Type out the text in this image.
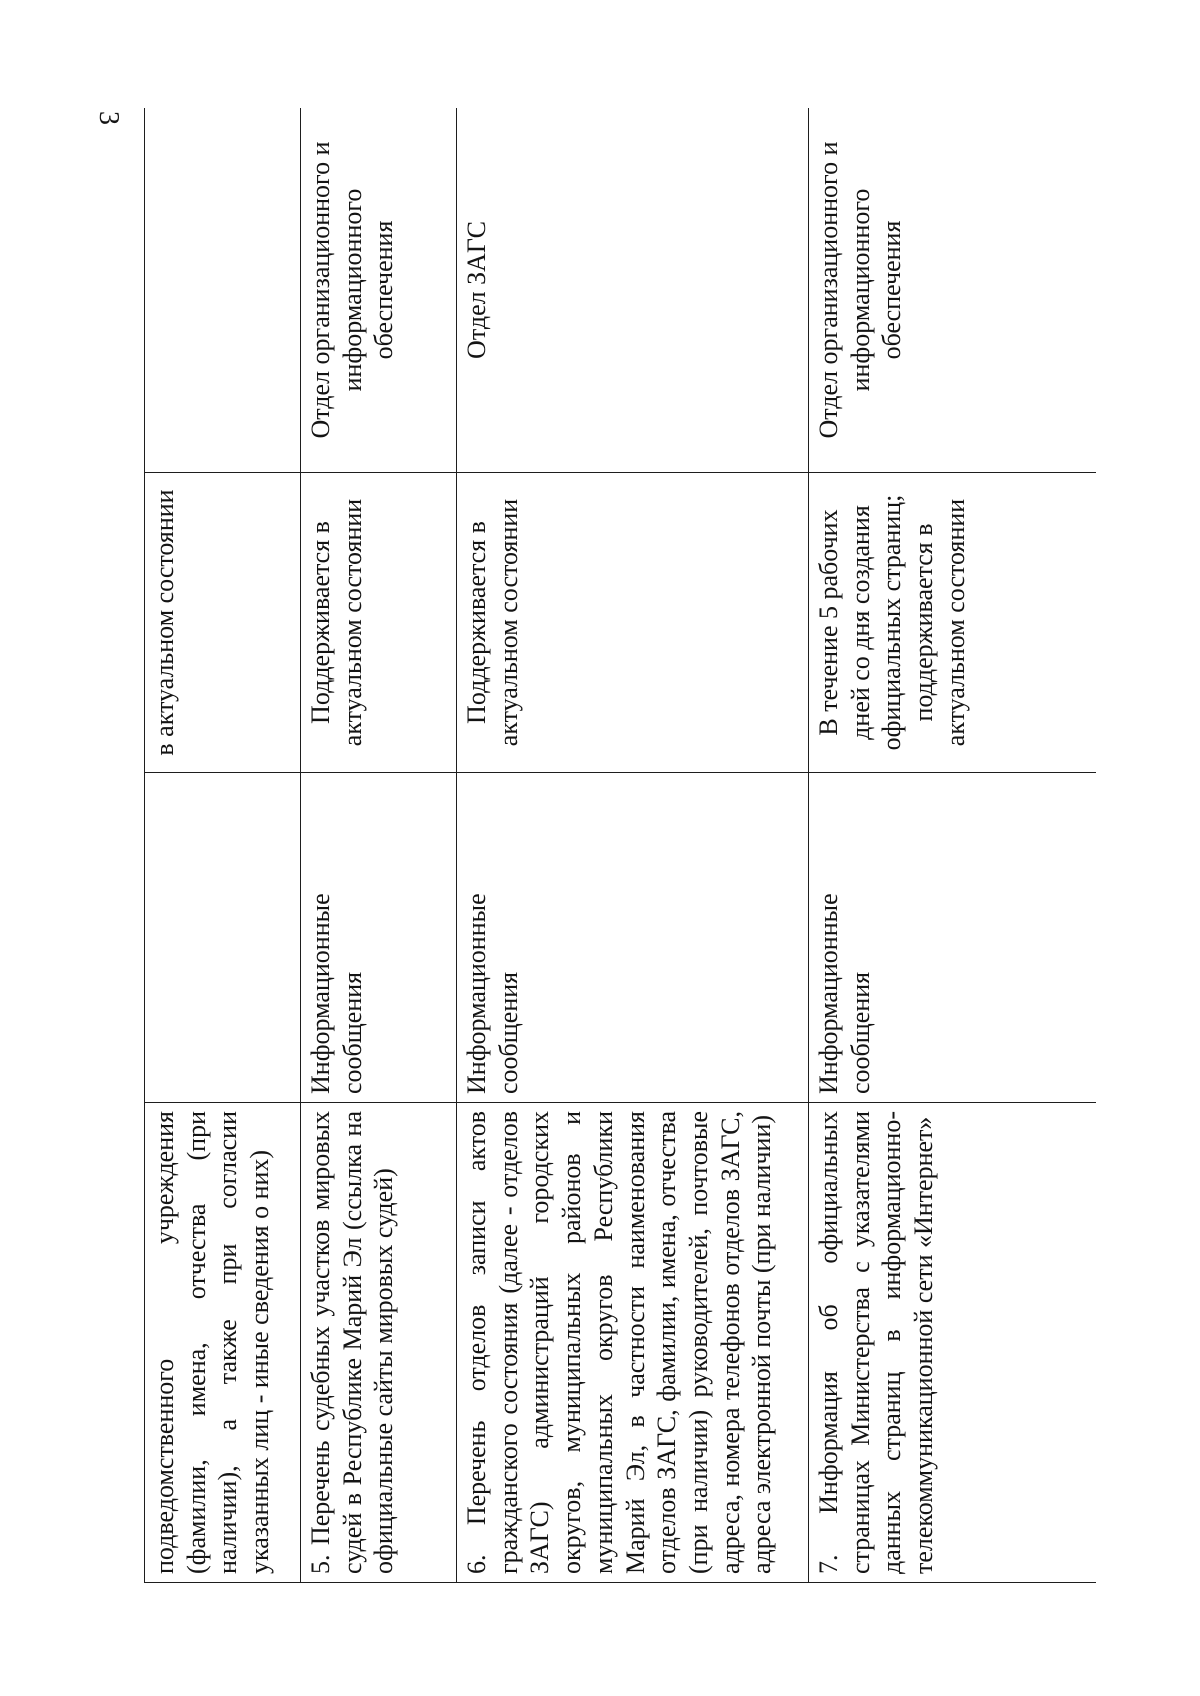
3
подведомственного учреждения (фамилии, имена, отчества (при наличии), а также при согласии указанных лиц - иные сведения о них)		в актуальном состоянии	
5. Перечень судебных участков мировых судей в Республике Марий Эл (ссылка на официальные сайты мировых судей)	Информационные сообщения	Поддерживается в актуальном состоянии	Отдел организационного и информационного обеспечения
6. Перечень отделов записи актов гражданского состояния (далее - отделов ЗАГС) администраций городских округов, муниципальных районов и муниципальных округов Республики Марий Эл, в частности наименования отделов ЗАГС, фамилии, имена, отчества (при наличии) руководителей, почтовые адреса, номера телефонов отделов ЗАГС, адреса электронной почты (при наличии)	Информационные сообщения	Поддерживается в актуальном состоянии	Отдел ЗАГС
7. Информация об официальных страницах Министерства с указателями данных страниц в информационно-телекоммуникационной сети «Интернет»	Информационные сообщения	В течение 5 рабочих дней со дня создания официальных страниц; поддерживается в актуальном состоянии	Отдел организационного и информационного обеспечения
